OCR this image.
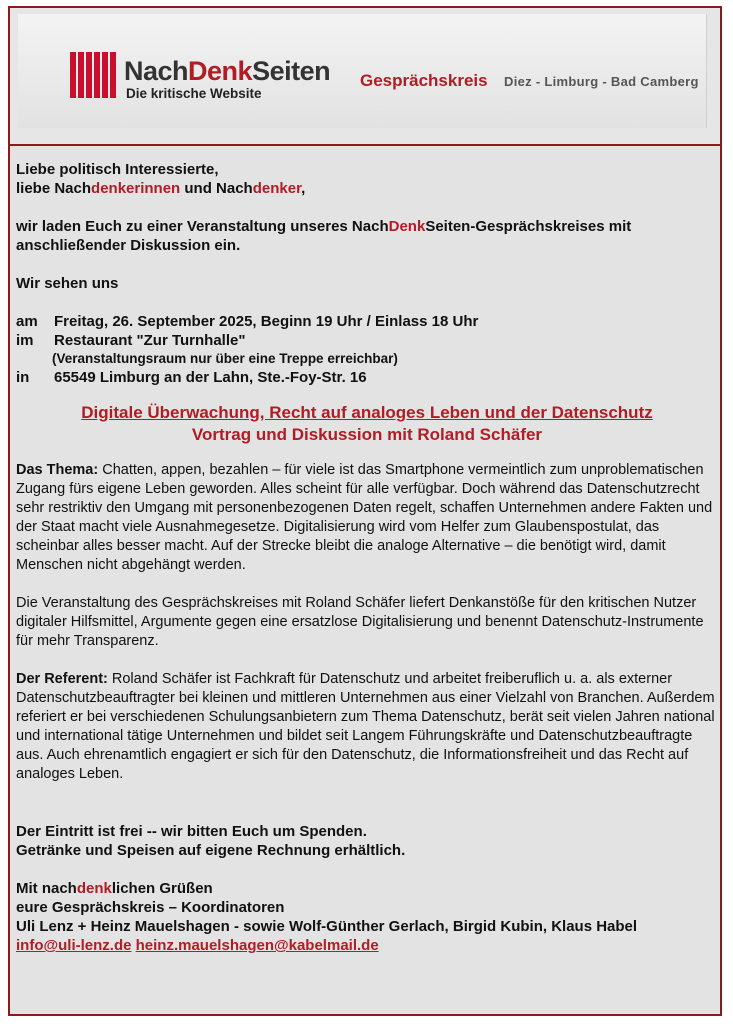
NachDenkSeiten
Die kritische Website
Gesprächskreis Diez - Limburg - Bad Camberg

Liebe politisch Interessierte,

liebe Nachdenkerinnen und Nachdenker,

wir laden Euch zu einer Veranstaltung unseres NachDenkSeiten-Gesprächskreises mit anschließender Diskussion ein.

Wir sehen uns

am	Freitag, 26. September 2025, Beginn 19 Uhr / Einlass 18 Uhr
im	Restaurant "Zur Turnhalle"
(Veranstaltungsraum nur über eine Treppe erreichbar)
in	65549 Limburg an der Lahn, Ste.-Foy-Str. 16
Digitale Überwachung, Recht auf analoges Leben und der Datenschutz
Vortrag und Diskussion mit Roland Schäfer

Das Thema: Chatten, appen, bezahlen – für viele ist das Smartphone vermeintlich zum unproblematischen Zugang fürs eigene Leben geworden. Alles scheint für alle verfügbar. Doch während das Datenschutzrecht sehr restriktiv den Umgang mit personenbezogenen Daten regelt, schaffen Unternehmen andere Fakten und der Staat macht viele Ausnahmegesetze. Digitalisierung wird vom Helfer zum Glaubenspostulat, das scheinbar alles besser macht. Auf der Strecke bleibt die analoge Alternative – die benötigt wird, damit Menschen nicht abgehängt werden.

Die Veranstaltung des Gesprächskreises mit Roland Schäfer liefert Denkanstöße für den kritischen Nutzer digitaler Hilfsmittel, Argumente gegen eine ersatzlose Digitalisierung und benennt Datenschutz-Instrumente für mehr Transparenz.

Der Referent: Roland Schäfer ist Fachkraft für Datenschutz und arbeitet freiberuflich u. a. als externer Datenschutzbeauftragter bei kleinen und mittleren Unternehmen aus einer Vielzahl von Branchen. Außerdem referiert er bei verschiedenen Schulungsanbietern zum Thema Datenschutz, berät seit vielen Jahren national und international tätige Unternehmen und bildet seit Langem Führungskräfte und Datenschutzbeauftragte aus. Auch ehrenamtlich engagiert er sich für den Datenschutz, die Informationsfreiheit und das Recht auf analoges Leben.

Der Eintritt ist frei -- wir bitten Euch um Spenden.

Getränke und Speisen auf eigene Rechnung erhältlich.

Mit nachdenklichen Grüßen

eure Gesprächskreis – Koordinatoren

Uli Lenz + Heinz Mauelshagen - sowie Wolf-Günther Gerlach, Birgid Kubin, Klaus Habel

info@uli-lenz.de heinz.mauelshagen@kabelmail.de
